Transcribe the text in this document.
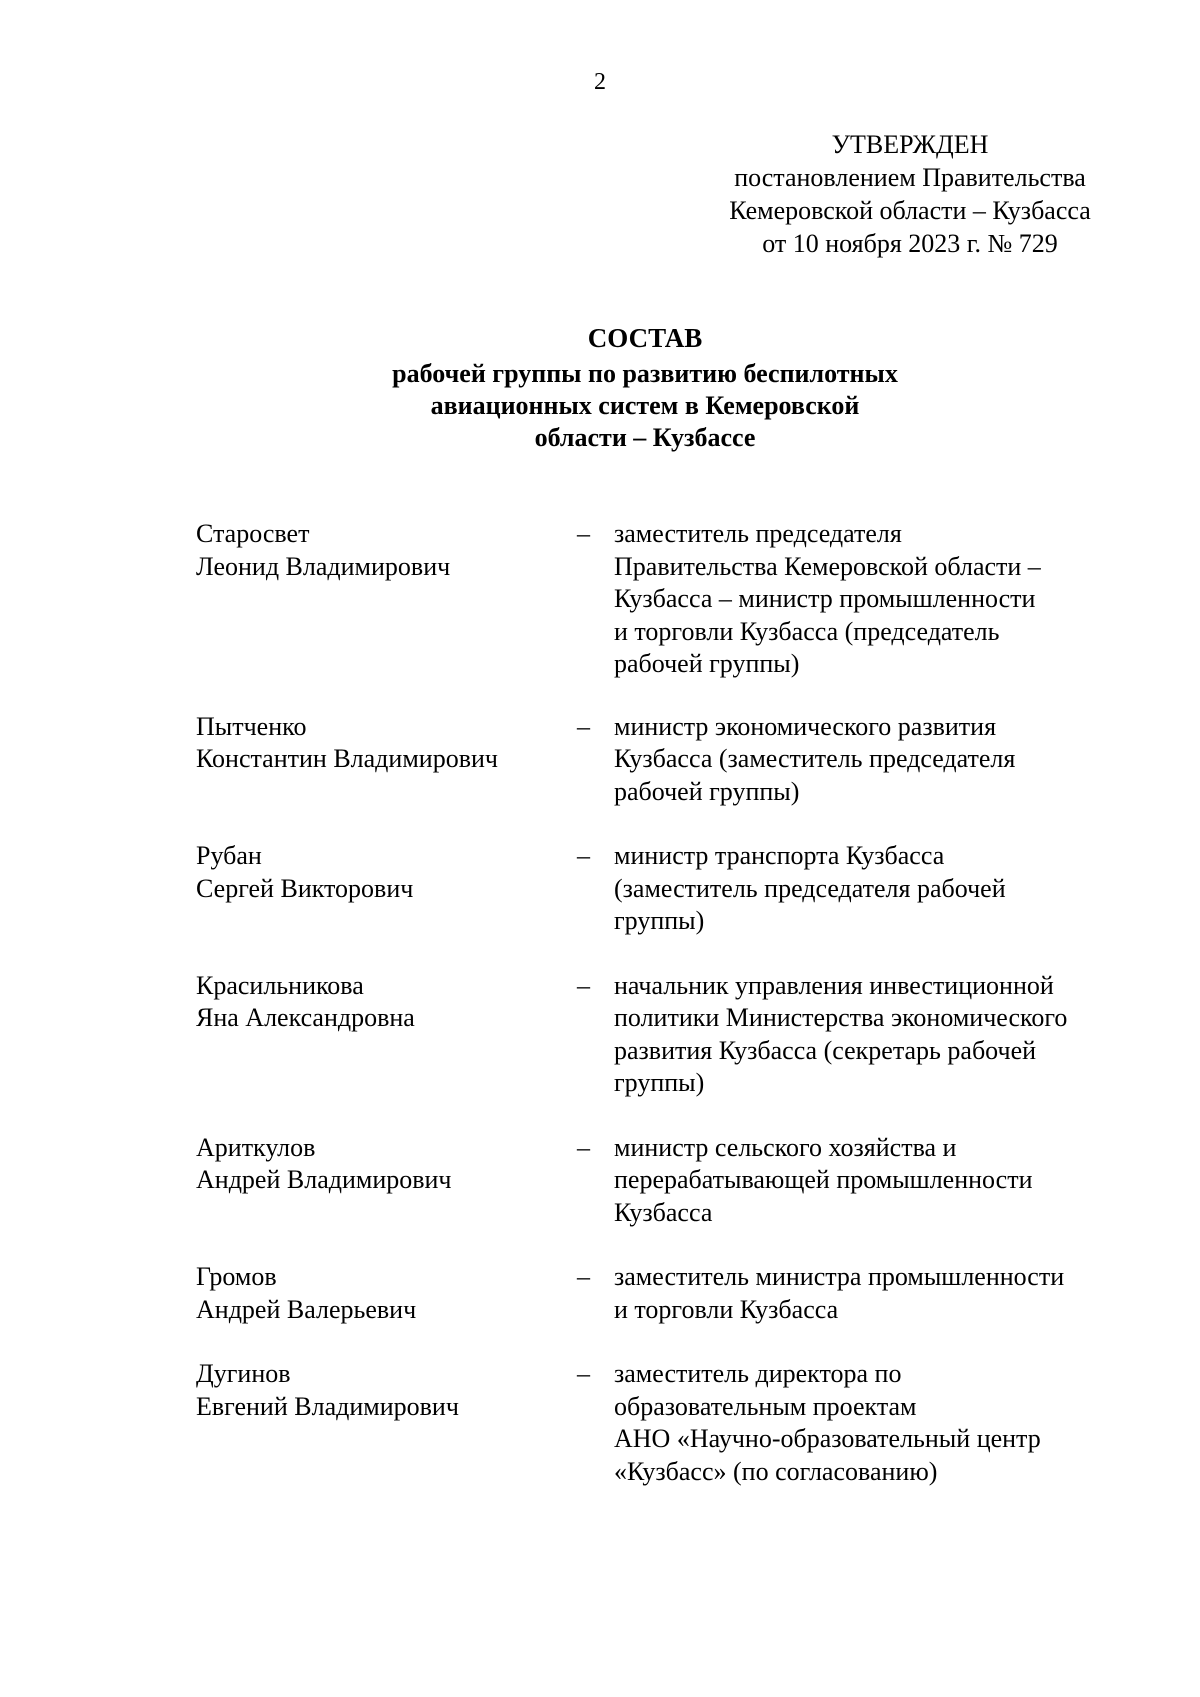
2
УТВЕРЖДЕН
постановлением Правительства
Кемеровской области – Кузбасса
от 10 ноября 2023 г. № 729
СОСТАВ
рабочей группы по развитию беспилотных
авиационных систем в Кемеровской
области – Кузбассе
Старосвет
Леонид Владимирович
– заместитель председателя
Правительства Кемеровской области –
Кузбасса – министр промышленности
и торговли Кузбасса (председатель
рабочей группы)
Пытченко
Константин Владимирович
– министр экономического развития
Кузбасса (заместитель председателя
рабочей группы)
Рубан
Сергей Викторович
– министр транспорта Кузбасса
(заместитель председателя рабочей
группы)
Красильникова
Яна Александровна
– начальник управления инвестиционной
политики Министерства экономического
развития Кузбасса (секретарь рабочей
группы)
Ариткулов
Андрей Владимирович
– министр сельского хозяйства и
перерабатывающей промышленности
Кузбасса
Громов
Андрей Валерьевич
– заместитель министра промышленности
и торговли Кузбасса
Дугинов
Евгений Владимирович
– заместитель директора по
образовательным проектам
АНО «Научно-образовательный центр
«Кузбасс» (по согласованию)
